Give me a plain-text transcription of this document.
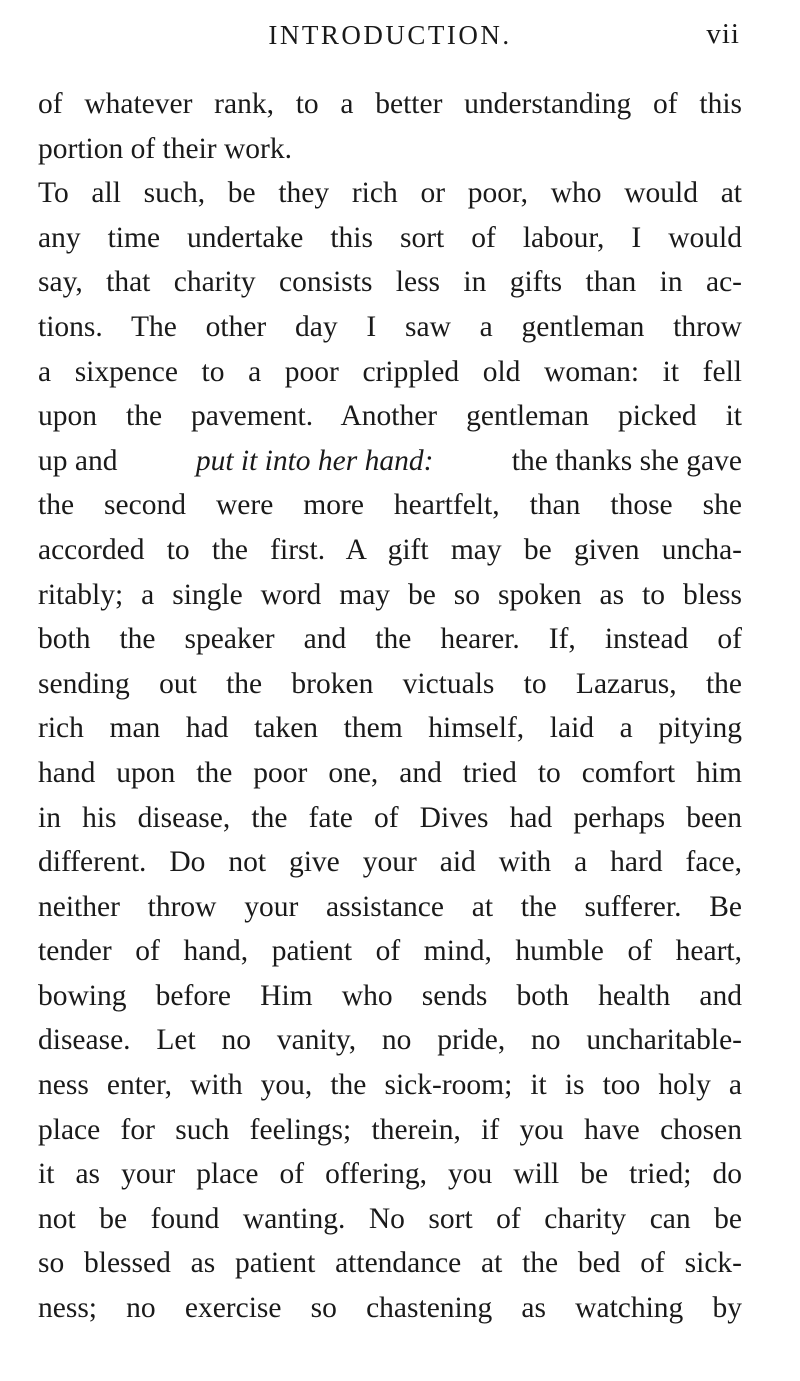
INTRODUCTION.	vii
of whatever rank, to a better understanding of this
portion of their work.
To all such, be they rich or poor, who would at
any time undertake this sort of labour, I would
say, that charity consists less in gifts than in ac-
tions. The other day I saw a gentleman throw
a sixpence to a poor crippled old woman: it fell
upon the pavement. Another gentleman picked it
up and	put it into her hand:	the thanks she gave
the second were more heartfelt, than those she
accorded to the first. A gift may be given uncha-
ritably; a single word may be so spoken as to bless
both the speaker and the hearer. If, instead of
sending out the broken victuals to Lazarus, the
rich man had taken them himself, laid a pitying
hand upon the poor one, and tried to comfort him
in his disease, the fate of Dives had perhaps been
different. Do not give your aid with a hard face,
neither throw your assistance at the sufferer. Be
tender of hand, patient of mind, humble of heart,
bowing before Him who sends both health and
disease. Let no vanity, no pride, no uncharitable-
ness enter, with you, the sick-room; it is too holy a
place for such feelings; therein, if you have chosen
it as your place of offering, you will be tried; do
not be found wanting. No sort of charity can be
so blessed as patient attendance at the bed of sick-
ness; no exercise so chastening as watching by
